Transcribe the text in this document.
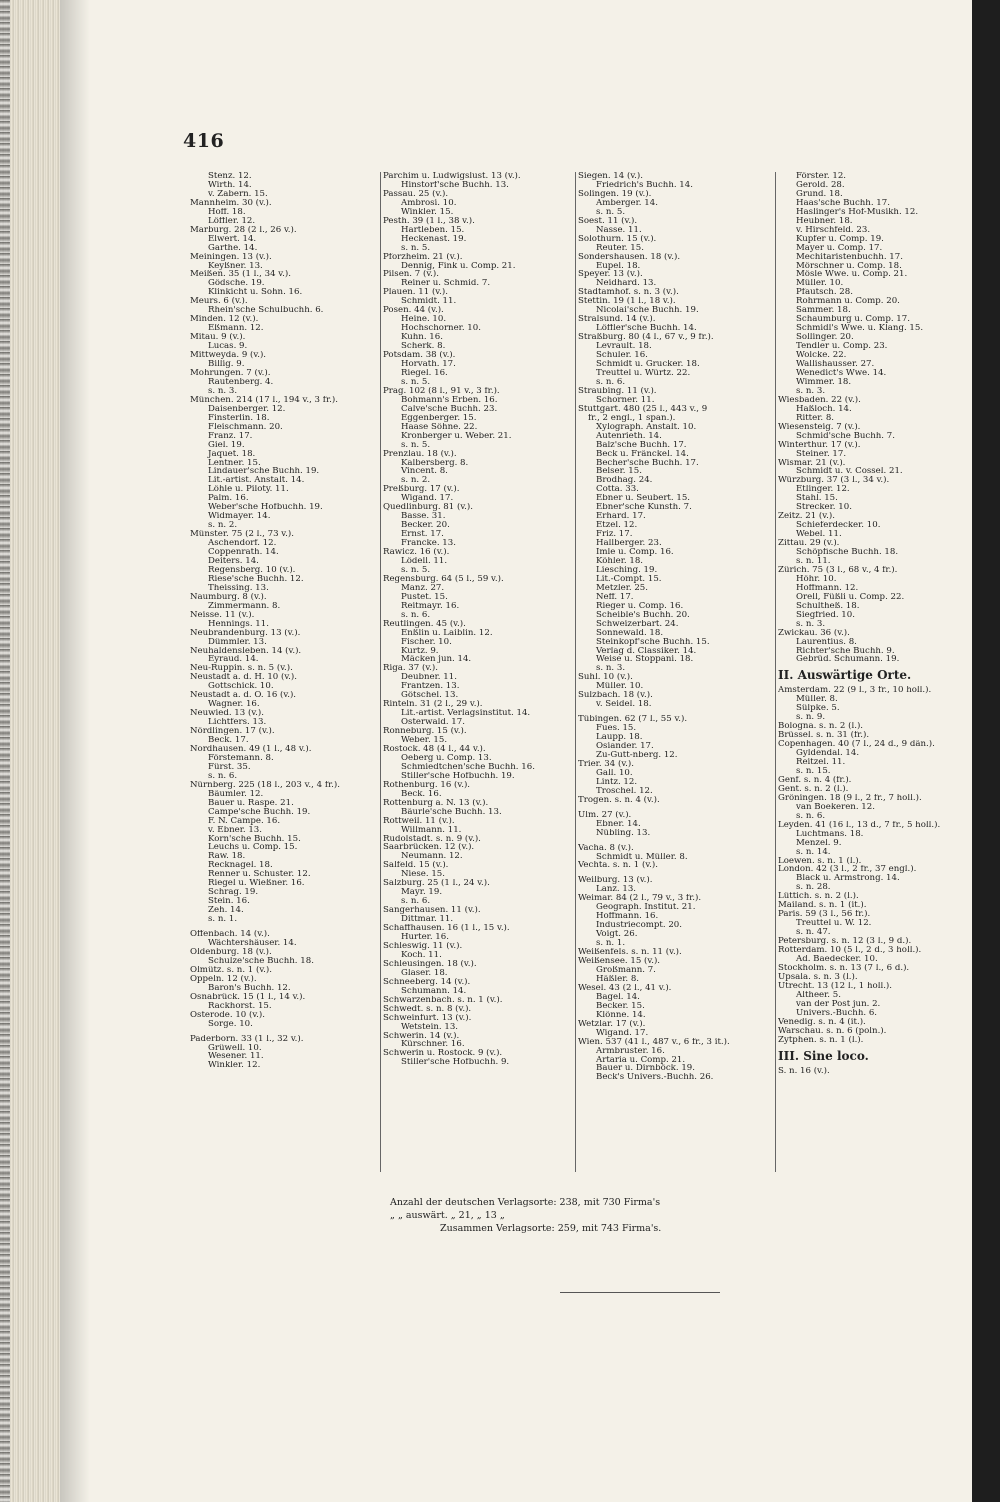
416
Stenz. 12.
Wirth. 14.
v. Zabern. 15.
Mannheim. 30 (v.).
Hoff. 18.
Löffler. 12.
Marburg. 28 (2 l., 26 v.).
Elwert. 14.
Garthe. 14.
Meiningen. 13 (v.).
Keyßner. 13.
Meißen. 35 (1 l., 34 v.).
Gödsche. 19.
Klinkicht u. Sohn. 16.
Meurs. 6 (v.).
Rhein'sche Schulbuchh. 6.
Minden. 12 (v.).
Eßmann. 12.
Mitau. 9 (v.).
Lucas. 9.
Mittweyda. 9 (v.).
Billig. 9.
Mohrungen. 7 (v.).
Rautenberg. 4.
s. n. 3.
München. 214 (17 l., 194 v., 3 fr.).
Daisenberger. 12.
Finsterlin. 18.
Fleischmann. 20.
Franz. 17.
Giel. 19.
Jaquet. 18.
Lentner. 15.
Lindauer'sche Buchh. 19.
Lit.-artist. Anstalt. 14.
Löhle u. Piloty. 11.
Palm. 16.
Weber'sche Hofbuchh. 19.
Widmayer. 14.
s. n. 2.
Münster. 75 (2 l., 73 v.).
Aschendorf. 12.
Coppenrath. 14.
Deiters. 14.
Regensberg. 10 (v.).
Riese'sche Buchh. 12.
Theissing. 13.
Naumburg. 8 (v.).
Zimmermann. 8.
Neisse. 11 (v.).
Hennings. 11.
Neubrandenburg. 13 (v.).
Dümmler. 13.
Neuhaldensleben. 14 (v.).
Eyraud. 14.
Neu-Ruppin. s. n. 5 (v.).
Neustadt a. d. H. 10 (v.).
Gottschick. 10.
Neustadt a. d. O. 16 (v.).
Wagner. 16.
Neuwied. 13 (v.).
Lichtfers. 13.
Nördlingen. 17 (v.).
Beck. 17.
Nordhausen. 49 (1 l., 48 v.).
Förstemann. 8.
Fürst. 35.
s. n. 6.
Nürnberg. 225 (18 l., 203 v., 4 fr.).
Bäumler. 12.
Bauer u. Raspe. 21.
Campe'sche Buchh. 19.
F. N. Campe. 16.
v. Ebner. 13.
Korn'sche Buchh. 15.
Leuchs u. Comp. 15.
Raw. 18.
Recknagel. 18.
Renner u. Schuster. 12.
Riegel u. Wießner. 16.
Schrag. 19.
Stein. 16.
Zeh. 14.
s. n. 1.
Offenbach. 14 (v.).
Wächtershäuser. 14.
Oldenburg. 18 (v.).
Schulze'sche Buchh. 18.
Olmütz. s. n. 1 (v.).
Oppeln. 12 (v.).
Baron's Buchh. 12.
Osnabrück. 15 (1 l., 14 v.).
Rackhorst. 15.
Osterode. 10 (v.).
Sorge. 10.
Paderborn. 33 (1 l., 32 v.).
Grüwell. 10.
Wesener. 11.
Winkler. 12.
Parchim u. Ludwigslust. 13 (v.).
Hinstorf'sche Buchh. 13.
Passau. 25 (v.).
Ambrosi. 10.
Winkler. 15.
Pesth. 39 (1 l., 38 v.).
Hartleben. 15.
Heckenast. 19.
s. n. 5.
Pforzheim. 21 (v.).
Dennig, Fink u. Comp. 21.
Pilsen. 7 (v.).
Reiner u. Schmid. 7.
Plauen. 11 (v.).
Schmidt. 11.
Posen. 44 (v.).
Heine. 10.
Hochschorner. 10.
Kuhn. 16.
Scherk. 8.
Potsdam. 38 (v.).
Horvath. 17.
Riegel. 16.
s. n. 5.
Prag. 102 (8 l., 91 v., 3 fr.).
Bohmann's Erben. 16.
Calve'sche Buchh. 23.
Eggenberger. 15.
Haase Söhne. 22.
Kronberger u. Weber. 21.
s. n. 5.
Prenzlau. 18 (v.).
Kalbersberg. 8.
Vincent. 8.
s. n. 2.
Preßburg. 17 (v.).
Wigand. 17.
Quedlinburg. 81 (v.).
Basse. 31.
Becker. 20.
Ernst. 17.
Francke. 13.
Rawicz. 16 (v.).
Lödell. 11.
s. n. 5.
Regensburg. 64 (5 l., 59 v.).
Manz. 27.
Pustet. 15.
Reitmayr. 16.
s. n. 6.
Reutlingen. 45 (v.).
Enßlin u. Laiblin. 12.
Fischer. 10.
Kurtz. 9.
Mäcken jun. 14.
Riga. 37 (v.).
Deubner. 11.
Frantzen. 13.
Götschel. 13.
Rinteln. 31 (2 l., 29 v.).
Lit.-artist. Verlagsinstitut. 14.
Osterwald. 17.
Ronneburg. 15 (v.).
Weber. 15.
Rostock. 48 (4 l., 44 v.).
Oeberg u. Comp. 13.
Schmiedtchen'sche Buchh. 16.
Stiller'sche Hofbuchh. 19.
Rothenburg. 16 (v.).
Beck. 16.
Rottenburg a. N. 13 (v.).
Bäurle'sche Buchh. 13.
Rottweil. 11 (v.).
Willmann. 11.
Rudolstadt. s. n. 9 (v.).
Saarbrücken. 12 (v.).
Neumann. 12.
Salfeld. 15 (v.).
Niese. 15.
Salzburg. 25 (1 l., 24 v.).
Mayr. 19.
s. n. 6.
Sangerhausen. 11 (v.).
Dittmar. 11.
Schaffhausen. 16 (1 l., 15 v.).
Hurter. 16.
Schleswig. 11 (v.).
Koch. 11.
Schleusingen. 18 (v.).
Glaser. 18.
Schneeberg. 14 (v.).
Schumann. 14.
Schwarzenbach. s. n. 1 (v.).
Schwedt. s. n. 8 (v.).
Schweinfurt. 13 (v.).
Wetstein. 13.
Schwerin. 14 (v.).
Kürschner. 16.
Schwerin u. Rostock. 9 (v.).
Stiller'sche Hofbuchh. 9.
Siegen. 14 (v.).
Friedrich's Buchh. 14.
Solingen. 19 (v.).
Amberger. 14.
s. n. 5.
Soest. 11 (v.).
Nasse. 11.
Solothurn. 15 (v.).
Reuter. 15.
Sondershausen. 18 (v.).
Eupel. 18.
Speyer. 13 (v.).
Neidhard. 13.
Stadtamhof. s. n. 3 (v.).
Stettin. 19 (1 l., 18 v.).
Nicolai'sche Buchh. 19.
Stralsund. 14 (v.).
Löffler'sche Buchh. 14.
Straßburg. 80 (4 l., 67 v., 9 fr.).
Levrault. 18.
Schuler. 16.
Schmidt u. Grucker. 18.
Treuttel u. Würtz. 22.
s. n. 6.
Straubing. 11 (v.).
Schorner. 11.
Stuttgart. 480 (25 l., 443 v., 9
fr., 2 engl., 1 span.).
Xylograph. Anstalt. 10.
Autenrieth. 14.
Balz'sche Buchh. 17.
Beck u. Fränckel. 14.
Becher'sche Buchh. 17.
Belser. 15.
Brodhag. 24.
Cotta. 33.
Ebner u. Seubert. 15.
Ebner'sche Kunsth. 7.
Erhard. 17.
Etzel. 12.
Friz. 17.
Hallberger. 23.
Imle u. Comp. 16.
Köhler. 18.
Liesching. 19.
Lit.-Compt. 15.
Metzler. 25.
Neff. 17.
Rieger u. Comp. 16.
Scheible's Buchh. 20.
Schweizerbart. 24.
Sonnewald. 18.
Steinkopf'sche Buchh. 15.
Verlag d. Classiker. 14.
Weise u. Stoppani. 18.
s. n. 3.
Suhl. 10 (v.).
Müller. 10.
Sulzbach. 18 (v.).
v. Seidel. 18.
Tübingen. 62 (7 l., 55 v.).
Fues. 15.
Laupp. 18.
Osiander. 17.
Zu-Gutt-nberg. 12.
Trier. 34 (v.).
Gall. 10.
Lintz. 12.
Troschel. 12.
Trogen. s. n. 4 (v.).
Ulm. 27 (v.).
Ebner. 14.
Nübling. 13.
Vacha. 8 (v.).
Schmidt u. Müller. 8.
Vechta. s. n. 1 (v.).
Weilburg. 13 (v.).
Lanz. 13.
Weimar. 84 (2 l., 79 v., 3 fr.).
Geograph. Institut. 21.
Hoffmann. 16.
Industriecompt. 20.
Voigt. 26.
s. n. 1.
Weißenfels. s. n. 11 (v.).
Weißensee. 15 (v.).
Großmann. 7.
Häßler. 8.
Wesel. 43 (2 l., 41 v.).
Bagel. 14.
Becker. 15.
Klönne. 14.
Wetzlar. 17 (v.).
Wigand. 17.
Wien. 537 (41 l., 487 v., 6 fr., 3 it.).
Armbruster. 16.
Artaria u. Comp. 21.
Bauer u. Dirnböck. 19.
Beck's Univers.-Buchh. 26.
Förster. 12.
Gerold. 28.
Grund. 18.
Haas'sche Buchh. 17.
Haslinger's Hof-Musikh. 12.
Heubner. 18.
v. Hirschfeld. 23.
Kupfer u. Comp. 19.
Mayer u. Comp. 17.
Mechitaristenbuchh. 17.
Mörschner u. Comp. 18.
Mösle Wwe. u. Comp. 21.
Müller. 10.
Pfautsch. 28.
Rohrmann u. Comp. 20.
Sammer. 18.
Schaumburg u. Comp. 17.
Schmidl's Wwe. u. Klang. 15.
Sollinger. 20.
Tendler u. Comp. 23.
Wolcke. 22.
Wallishausser. 27.
Wenedict's Wwe. 14.
Wimmer. 18.
s. n. 3.
Wiesbaden. 22 (v.).
Haßloch. 14.
Ritter. 8.
Wiesensteig. 7 (v.).
Schmid'sche Buchh. 7.
Winterthur. 17 (v.).
Steiner. 17.
Wismar. 21 (v.).
Schmidt u. v. Cossel. 21.
Würzburg. 37 (3 l., 34 v.).
Etlinger. 12.
Stahl. 15.
Strecker. 10.
Zeitz. 21 (v.).
Schieferdecker. 10.
Webel. 11.
Zittau. 29 (v.).
Schöpfische Buchh. 18.
s. n. 11.
Zürich. 75 (3 l., 68 v., 4 fr.).
Höhr. 10.
Hoffmann. 12.
Orell, Füßli u. Comp. 22.
Schultheß. 18.
Siegfried. 10.
s. n. 3.
Zwickau. 36 (v.).
Laurentius. 8.
Richter'sche Buchh. 9.
Gebrüd. Schumann. 19.
II. Auswärtige Orte.
Amsterdam. 22 (9 l., 3 fr., 10 holl.).
Müller. 8.
Sülpke. 5.
s. n. 9.
Bologna. s. n. 2 (l.).
Brüssel. s. n. 31 (fr.).
Copenhagen. 40 (7 l., 24 d., 9 dän.).
Gyldendal. 14.
Reitzel. 11.
s. n. 15.
Genf. s. n. 4 (fr.).
Gent. s. n. 2 (l.).
Gröningen. 18 (9 l., 2 fr., 7 holl.).
van Boekeren. 12.
s. n. 6.
Leyden. 41 (16 l., 13 d., 7 fr., 5 holl.).
Luchtmans. 18.
Menzel. 9.
s. n. 14.
Loewen. s. n. 1 (l.).
London. 42 (3 l., 2 fr., 37 engl.).
Black u. Armstrong. 14.
s. n. 28.
Lüttich. s. n. 2 (l.).
Mailand. s. n. 1 (it.).
Paris. 59 (3 l., 56 fr.).
Treuttel u. W. 12.
s. n. 47.
Petersburg. s. n. 12 (3 l., 9 d.).
Rotterdam. 10 (5 l., 2 d., 3 holl.).
Ad. Baedecker. 10.
Stockholm. s. n. 13 (7 l., 6 d.).
Upsala. s. n. 3 (l.).
Utrecht. 13 (12 l., 1 holl.).
Altheer. 5.
van der Post jun. 2.
Univers.-Buchh. 6.
Venedig. s. n. 4 (it.).
Warschau. s. n. 6 (poln.).
Zytphen. s. n. 1 (l.).
III. Sine loco.
S. n. 16 (v.).
Anzahl der deutschen Verlagsorte: 238, mit 730 Firma's
„ „ auswärt. „ 21, „ 13 „
Zusammen Verlagsorte: 259, mit 743 Firma's.
